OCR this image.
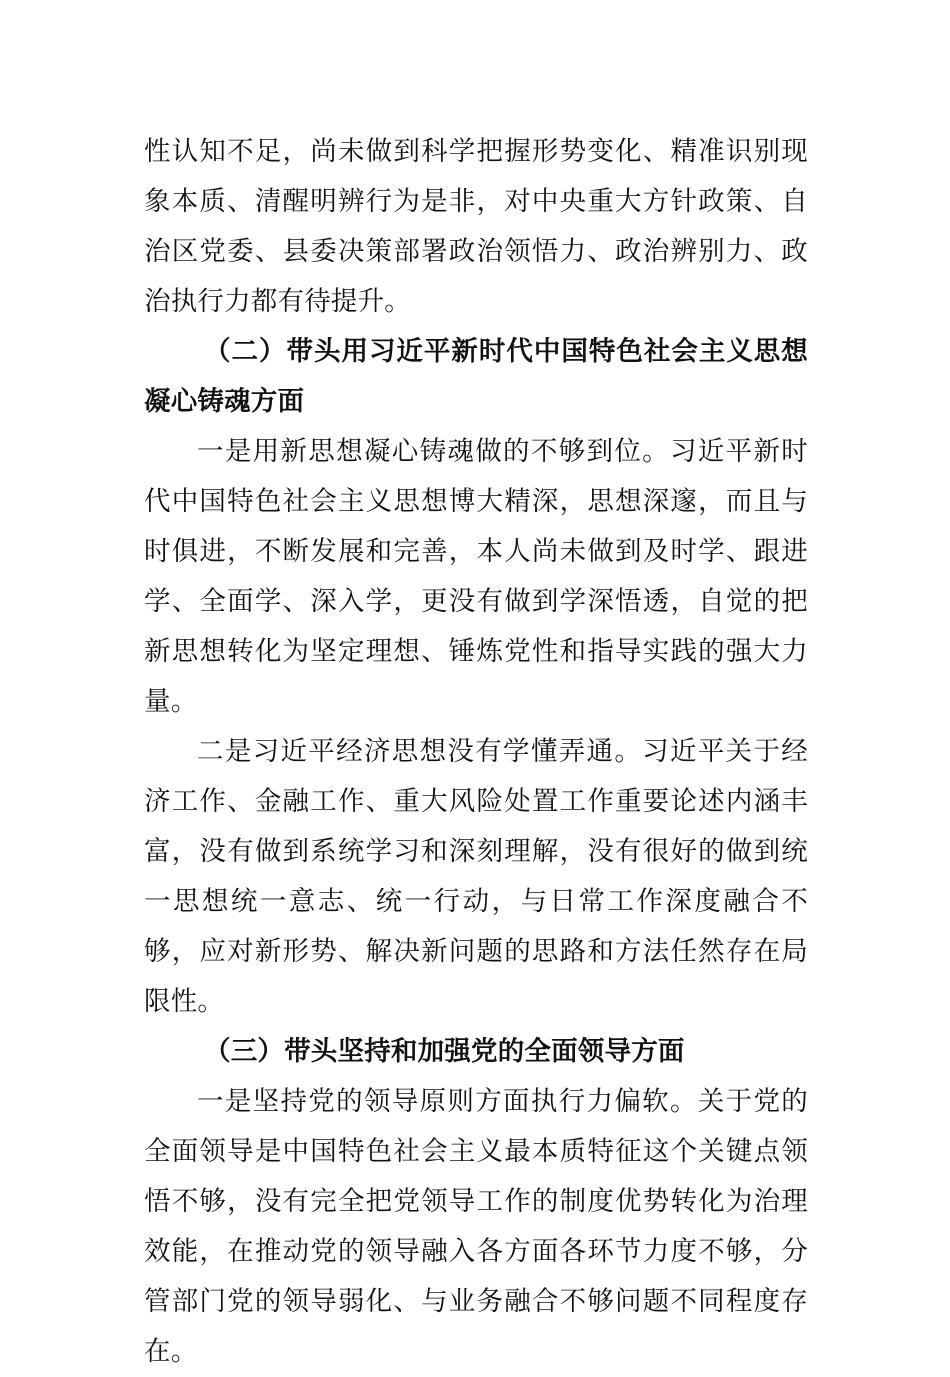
性认知不足，尚未做到科学把握形势变化、精准识别现象本质、清醒明辨行为是非，对中央重大方针政策、自治区党委、县委决策部署政治领悟力、政治辨别力、政治执行力都有待提升。

（二）带头用习近平新时代中国特色社会主义思想凝心铸魂方面

一是用新思想凝心铸魂做的不够到位。习近平新时代中国特色社会主义思想博大精深，思想深邃，而且与时俱进，不断发展和完善，本人尚未做到及时学、跟进学、全面学、深入学，更没有做到学深悟透，自觉的把新思想转化为坚定理想、锤炼党性和指导实践的强大力量。

二是习近平经济思想没有学懂弄通。习近平关于经济工作、金融工作、重大风险处置工作重要论述内涵丰富，没有做到系统学习和深刻理解，没有很好的做到统一思想统一意志、统一行动，与日常工作深度融合不够，应对新形势、解决新问题的思路和方法任然存在局限性。

（三）带头坚持和加强党的全面领导方面

一是坚持党的领导原则方面执行力偏软。关于党的全面领导是中国特色社会主义最本质特征这个关键点领悟不够，没有完全把党领导工作的制度优势转化为治理效能，在推动党的领导融入各方面各环节力度不够，分管部门党的领导弱化、与业务融合不够问题不同程度存在。
